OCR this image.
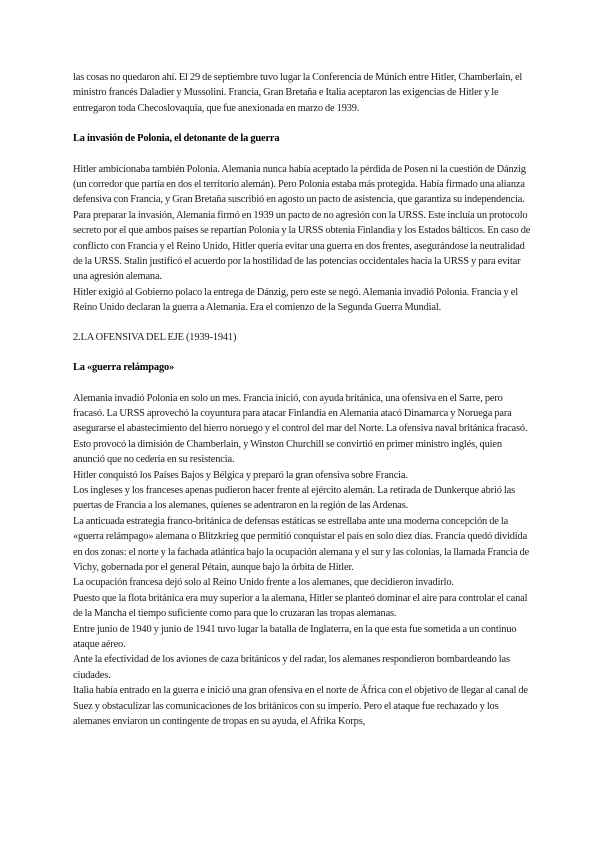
las cosas no quedaron ahí. El 29 de septiembre tuvo lugar la Conferencia de Múnich entre Hitler, Chamberlain, el ministro francés Daladier y Mussolini. Francia, Gran Bretaña e Italia aceptaron las exigencias de Hitler y le entregaron toda Checoslovaquia, que fue anexionada en marzo de 1939.

La invasión de Polonia, el detonante de la guerra

Hitler ambicionaba también Polonia. Alemania nunca había aceptado la pérdida de Posen ni la cuestión de Dánzig (un corredor que partía en dos el territorio alemán). Pero Polonia estaba más protegida. Había firmado una alianza defensiva con Francia, y Gran Bretaña suscribió en agosto un pacto de asistencia, que garantiza su independencia.

Para preparar la invasión, Alemania firmó en 1939 un pacto de no agresión con la URSS. Este incluía un protocolo secreto por el que ambos países se repartían Polonia y la URSS obtenía Finlandia y los Estados bálticos. En caso de conflicto con Francia y el Reino Unido, Hitler quería evitar una guerra en dos frentes, asegurándose la neutralidad de la URSS. Stalin justificó el acuerdo por la hostilidad de las potencias occidentales hacia la URSS y para evitar una agresión alemana.

Hitler exigió al Gobierno polaco la entrega de Dánzig, pero este se negó. Alemania invadió Polonia. Francia y el Reino Unido declaran la guerra a Alemania. Era el comienzo de la Segunda Guerra Mundial.

2.LA OFENSIVA DEL EJE (1939-1941)

La «guerra relámpago»

Alemania invadió Polonia en solo un mes. Francia inició, con ayuda británica, una ofensiva en el Sarre, pero fracasó. La URSS aprovechó la coyuntura para atacar Finlandia en Alemania atacó Dinamarca y Noruega para asegurarse el abastecimiento del hierro noruego y el control del mar del Norte. La ofensiva naval británica fracasó.

Esto provocó la dimisión de Chamberlain, y Winston Churchill se convirtió en primer ministro inglés, quien anunció que no cedería en su resistencia.

Hitler conquistó los Países Bajos y Bélgica y preparó la gran ofensiva sobre Francia.

Los ingleses y los franceses apenas pudieron hacer frente al ejército alemán. La retirada de Dunkerque abrió las puertas de Francia a los alemanes, quienes se adentraron en la región de las Ardenas.

La anticuada estrategia franco-británica de defensas estáticas se estrellaba ante una moderna concepción de la «guerra relámpago» alemana o Blitzkrieg que permitió conquistar el país en solo diez días. Francia quedó dividida en dos zonas: el norte y la fachada atlántica bajo la ocupación alemana y el sur y las colonias, la llamada Francia de Vichy, gobernada por el general Pétain, aunque bajo la órbita de Hitler.

La ocupación francesa dejó solo al Reino Unido frente a los alemanes, que decidieron invadirlo.

Puesto que la flota británica era muy superior a la alemana, Hitler se planteó dominar el aire para controlar el canal de la Mancha el tiempo suficiente como para que lo cruzaran las tropas alemanas.

Entre junio de 1940 y junio de 1941 tuvo lugar la batalla de Inglaterra, en la que esta fue sometida a un continuo ataque aéreo.

Ante la efectividad de los aviones de caza británicos y del radar, los alemanes respondieron bombardeando las ciudades.

Italia había entrado en la guerra e inició una gran ofensiva en el norte de África con el objetivo de llegar al canal de Suez y obstaculizar las comunicaciones de los británicos con su imperio. Pero el ataque fue rechazado y los alemanes enviaron un contingente de tropas en su ayuda, el Afrika Korps,
